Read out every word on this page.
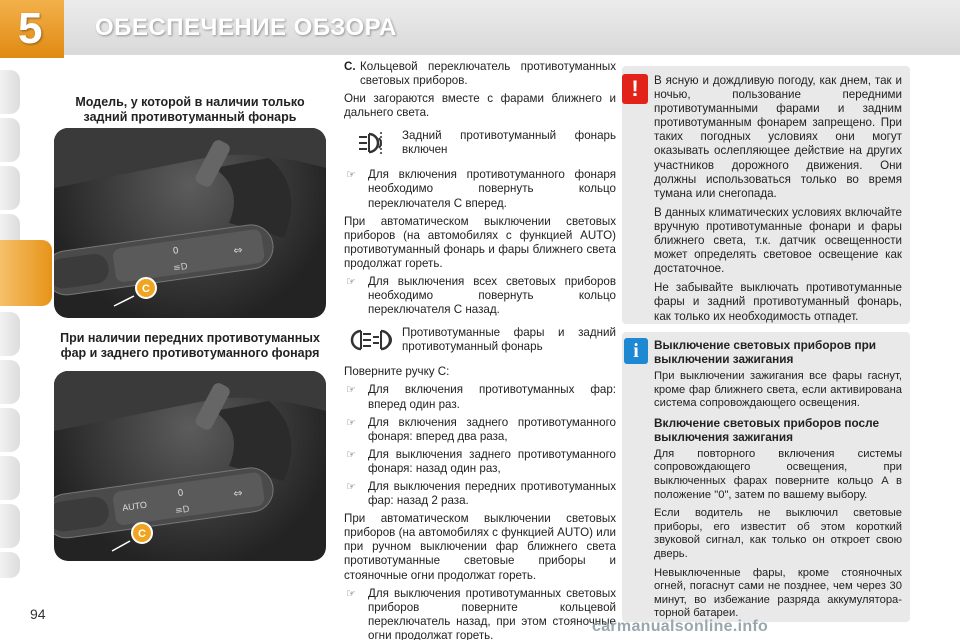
5 ОБЕСПЕЧЕНИЕ ОБЗОРА
Модель, у которой в наличии только задний противотуманный фонарь
0	⇔
≡D
C
При наличии передних противотуманных фар и заднего противотуманного фонаря
AUTO
0	⇔
≡D
C

C. Кольцевой переключатель противотуманных световых приборов.

Они загораются вместе с фарами ближнего и дальнего света.

Задний противотуманный фонарь включен
☞ Для включения противотуманного фонаря необходимо повернуть кольцо переключателя C вперед.

При автоматическом выключении световых приборов (на автомобилях с функцией AUTO) противотуманный фонарь и фары ближнего света продолжат гореть.

☞ Для выключения всех световых приборов необходимо повернуть кольцо переключателя C назад.
Противотуманные фары и задний противотуманный фонарь

Поверните ручку C:

☞ Для включения противотуманных фар: вперед один раз.
☞ Для включения заднего противотуманного фонаря: вперед два раза,
☞ Для выключения заднего противотуманного фонаря: назад один раз,
☞ Для выключения передних противотуманных фар: назад 2 раза.

При автоматическом выключении световых приборов (на автомобилях с функцией AUTO) или при ручном выключении фар ближнего света противотуманные световые приборы и стояночные огни продолжат гореть.

☞ Для выключения противотуманных световых приборов поверните кольцевой переключатель назад, при этом стояночные огни продолжат гореть.

В ясную и дождливую погоду, как днем, так и ночью, пользование передними противотуманными фарами и задним противотуманным фонарем запрещено. При таких погодных условиях они могут оказывать ослепляющее действие на других участников дорожного движения. Они должны использоваться только во время тумана или снегопада.

В данных климатических условиях включайте вручную противотуманные фонари и фары ближнего света, т.к. датчик освещенности может определять световое освещение как достаточное.

Не забывайте выключать противотуманные фары и задний противотуманный фонарь, как только их необходимость отпадет.

!
Выключение световых приборов при выключении зажигания

При выключении зажигания все фары гаснут, кроме фар ближнего света, если активирована система сопровождающего освещения.

Включение световых приборов после выключения зажигания

Для повторного включения системы сопровождающего освещения, при выключенных фарах поверните кольцо A в положение "0", затем по вашему выбору.

Если водитель не выключил световые приборы, его известит об этом короткий звуковой сигнал, как только он откроет свою дверь.

Невыключенные фары, кроме стояночных огней, погаснут сами не позднее, чем через 30 минут, во избежание разряда аккумулятора-торной батареи.

i
94
carmanualsonline.info
